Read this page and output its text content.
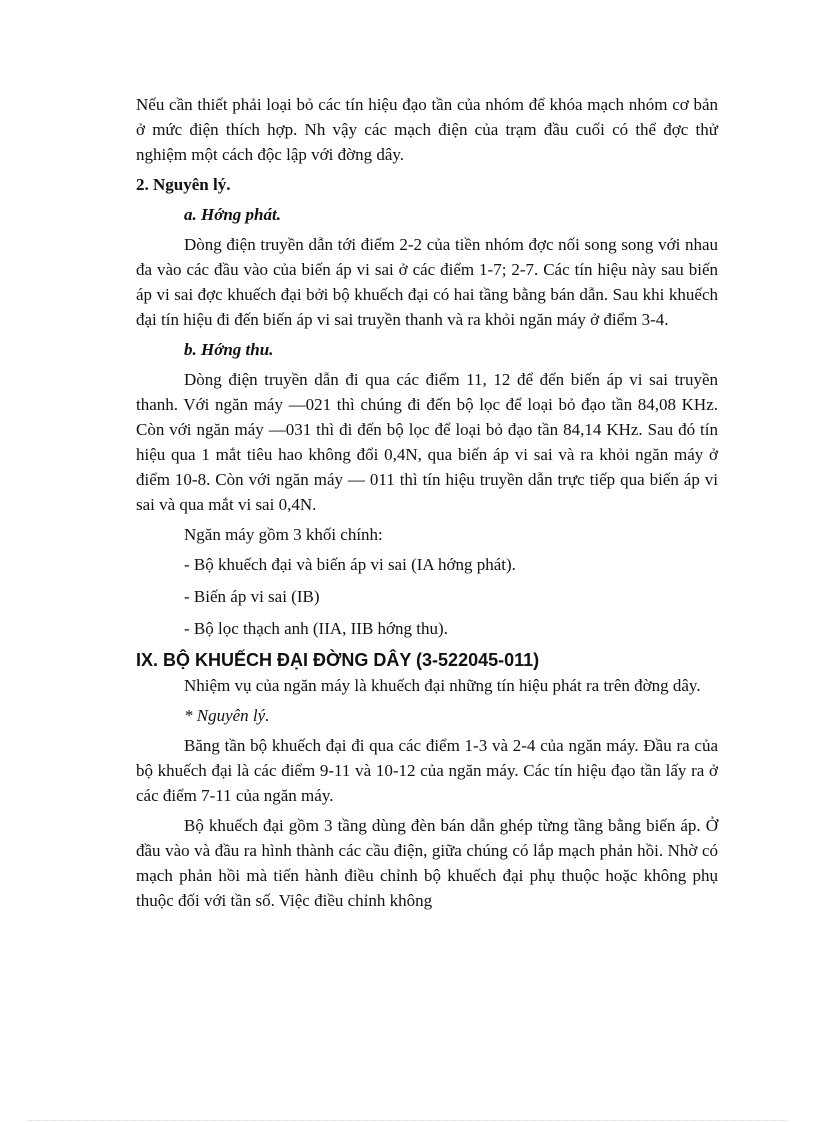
Nếu cần thiết phải loại bỏ các tín hiệu đạo tần của nhóm để khóa mạch nhóm cơ bản ở mức điện thích hợp. Nh vậy các mạch điện của trạm đầu cuối có thể đợc thử nghiệm một cách độc lập với đờng dây.

2. Nguyên lý.

a. Hớng phát.

Dòng điện truyền dẫn tới điểm 2-2 của tiền nhóm đợc nối song song với nhau đa vào các đầu vào của biến áp vi sai ở các điểm 1-7; 2-7. Các tín hiệu này sau biến áp vi sai đợc khuếch đại bởi bộ khuếch đại có hai tầng bằng bán dẫn. Sau khi khuếch đại tín hiệu đi đến biến áp vi sai truyền thanh và ra khỏi ngăn máy ở điểm 3-4.

b. Hớng thu.

Dòng điện truyền dẫn đi qua các điểm 11, 12 để đến biến áp vi sai truyền thanh. Với ngăn máy —021 thì chúng đi đến bộ lọc để loại bỏ đạo tần 84,08 KHz. Còn với ngăn máy —031 thì đi đến bộ lọc để loại bỏ đạo tần 84,14 KHz. Sau đó tín hiệu qua 1 mắt tiêu hao không đổi 0,4N, qua biến áp vi sai và ra khỏi ngăn máy ở điểm 10-8. Còn với ngăn máy — 011 thì tín hiệu truyền dẫn trực tiếp qua biến áp vi sai và qua mắt vi sai 0,4N.

Ngăn máy gồm 3 khối chính:

- Bộ khuếch đại và biến áp vi sai (IA hớng phát).

- Biến áp vi sai (IB)

- Bộ lọc thạch anh (IIA, IIB hớng thu).

IX. BỘ KHUẾCH ĐẠI ĐỜNG DÂY (3-522045-011)

Nhiệm vụ của ngăn máy là khuếch đại những tín hiệu phát ra trên đờng dây.

* Nguyên lý.

Băng tần bộ khuếch đại đi qua các điểm 1-3 và 2-4 của ngăn máy. Đầu ra của bộ khuếch đại là các điểm 9-11 và 10-12 của ngăn máy. Các tín hiệu đạo tần lấy ra ở các điểm 7-11 của ngăn máy.

Bộ khuếch đại gồm 3 tầng dùng đèn bán dẫn ghép từng tầng bằng biến áp. Ở đầu vào và đầu ra hình thành các cầu điện, giữa chúng có lắp mạch phản hồi. Nhờ có mạch phản hồi mà tiến hành điều chỉnh bộ khuếch đại phụ thuộc hoặc không phụ thuộc đối với tần số. Việc điều chỉnh không
